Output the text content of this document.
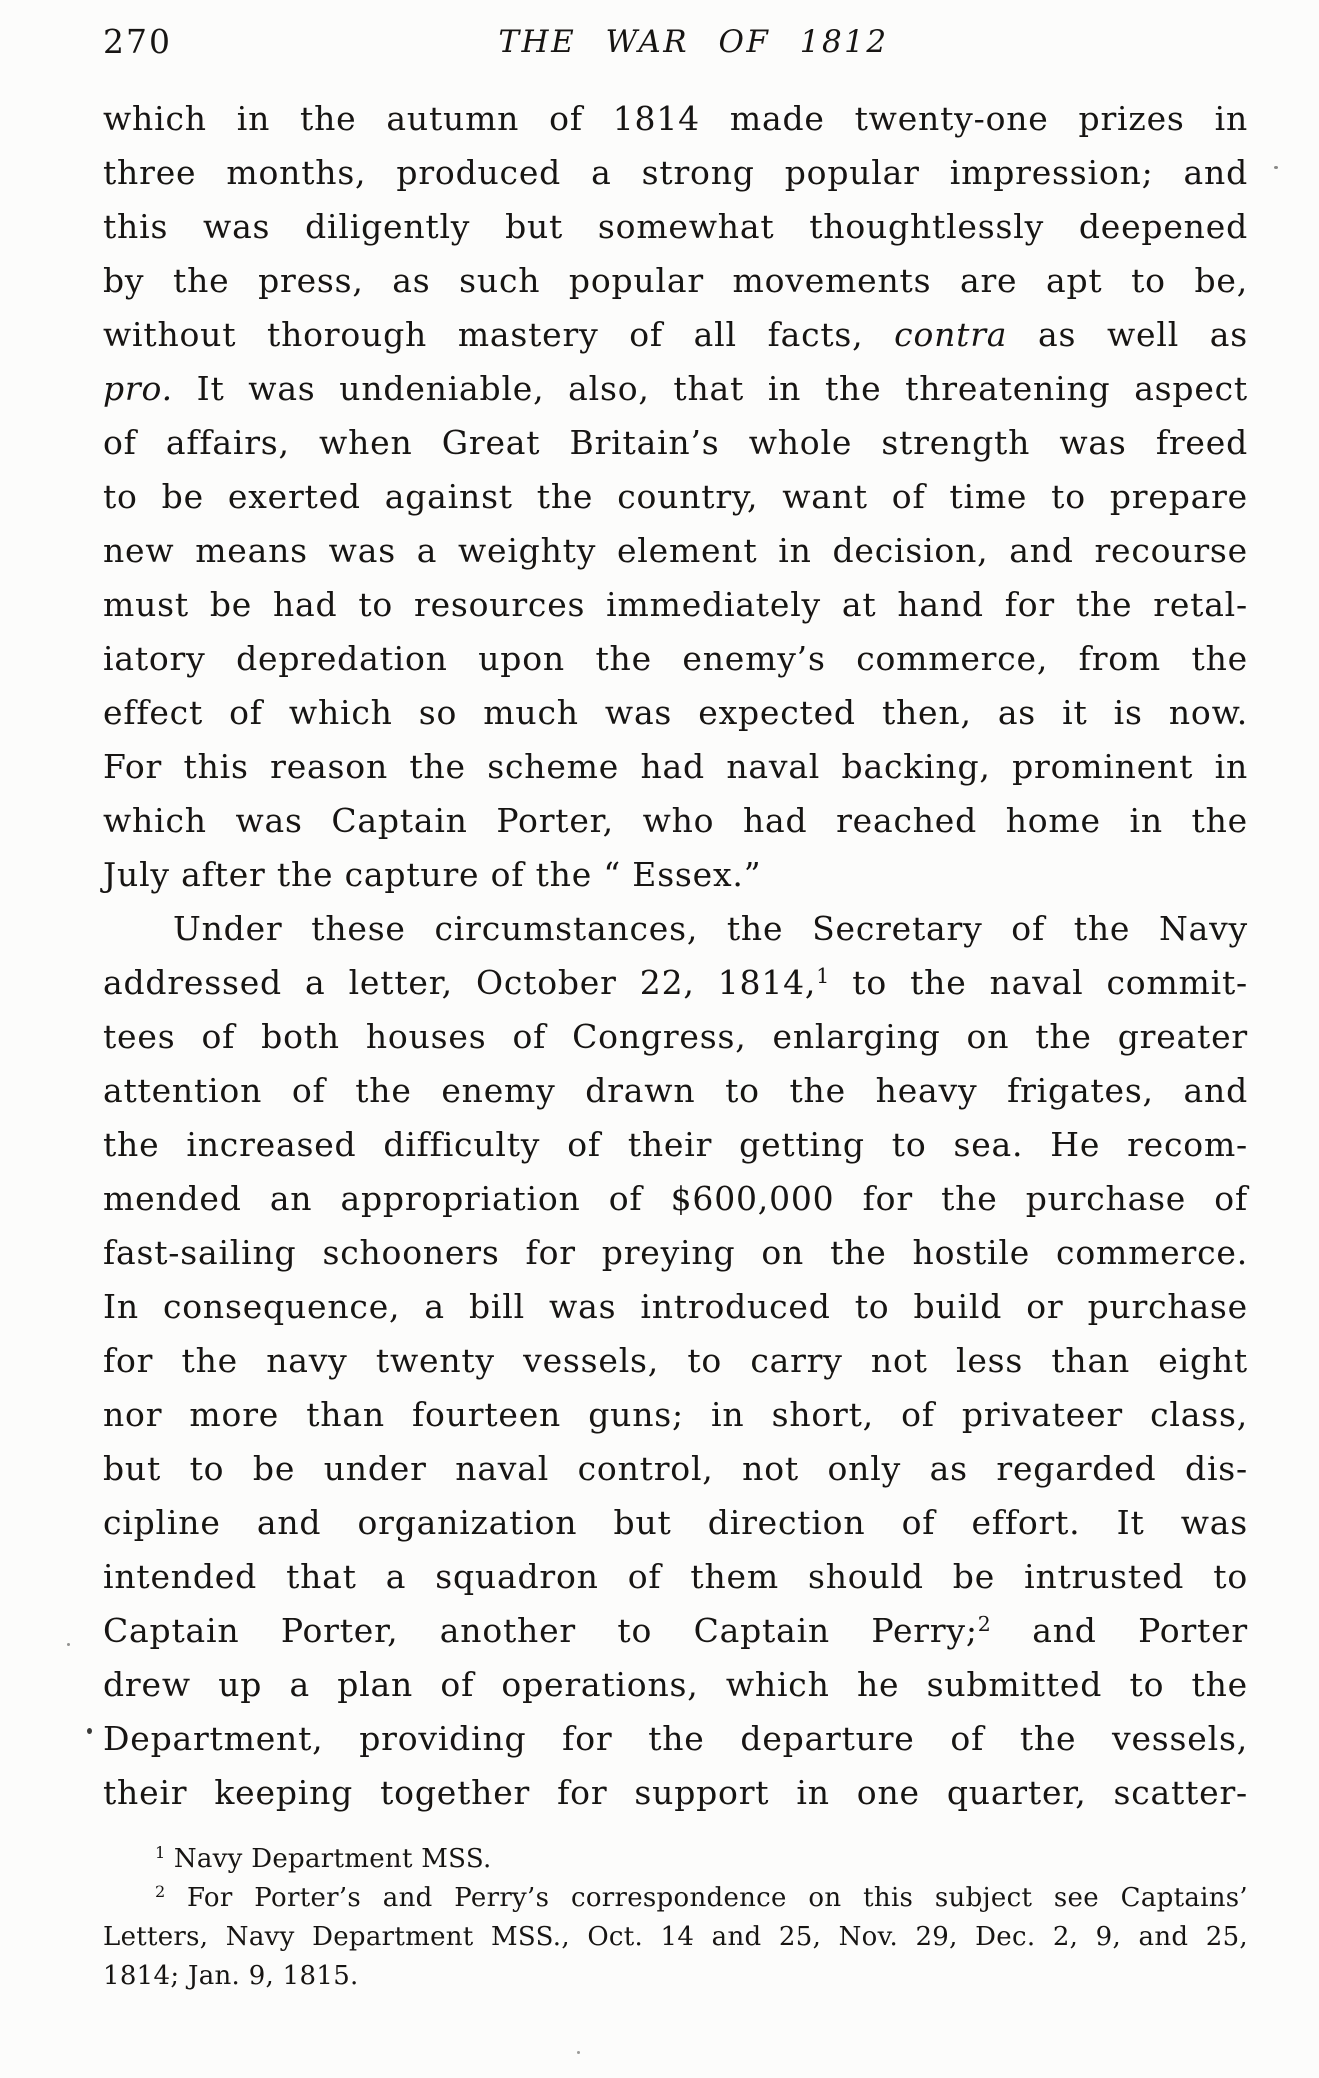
270	THE WAR OF 1812
which in the autumn of 1814 made twenty-one prizes in
three months, produced a strong popular impression; and
this was diligently but somewhat thoughtlessly deepened
by the press, as such popular movements are apt to be,
without thorough mastery of all facts, contra as well as
pro. It was undeniable, also, that in the threatening aspect
of affairs, when Great Britain’s whole strength was freed
to be exerted against the country, want of time to prepare
new means was a weighty element in decision, and recourse
must be had to resources immediately at hand for the retal-
iatory depredation upon the enemy’s commerce, from the
effect of which so much was expected then, as it is now.
For this reason the scheme had naval backing, prominent in
which was Captain Porter, who had reached home in the
July after the capture of the “ Essex.”
Under these circumstances, the Secretary of the Navy
addressed a letter, October 22, 1814,$^1$ to the naval commit-
tees of both houses of Congress, enlarging on the greater
attention of the enemy drawn to the heavy frigates, and
the increased difficulty of their getting to sea. He recom-
mended an appropriation of $600,000 for the purchase of
fast-sailing schooners for preying on the hostile commerce.
In consequence, a bill was introduced to build or purchase
for the navy twenty vessels, to carry not less than eight
nor more than fourteen guns; in short, of privateer class,
but to be under naval control, not only as regarded dis-
cipline and organization but direction of effort. It was
intended that a squadron of them should be intrusted to
Captain Porter, another to Captain Perry;$^2$ and Porter
drew up a plan of operations, which he submitted to the
Department, providing for the departure of the vessels,
their keeping together for support in one quarter, scatter-
$^1$ Navy Department MSS.
$^2$ For Porter’s and Perry’s correspondence on this subject see Captains’
Letters, Navy Department MSS., Oct. 14 and 25, Nov. 29, Dec. 2, 9, and 25,
1814; Jan. 9, 1815.
